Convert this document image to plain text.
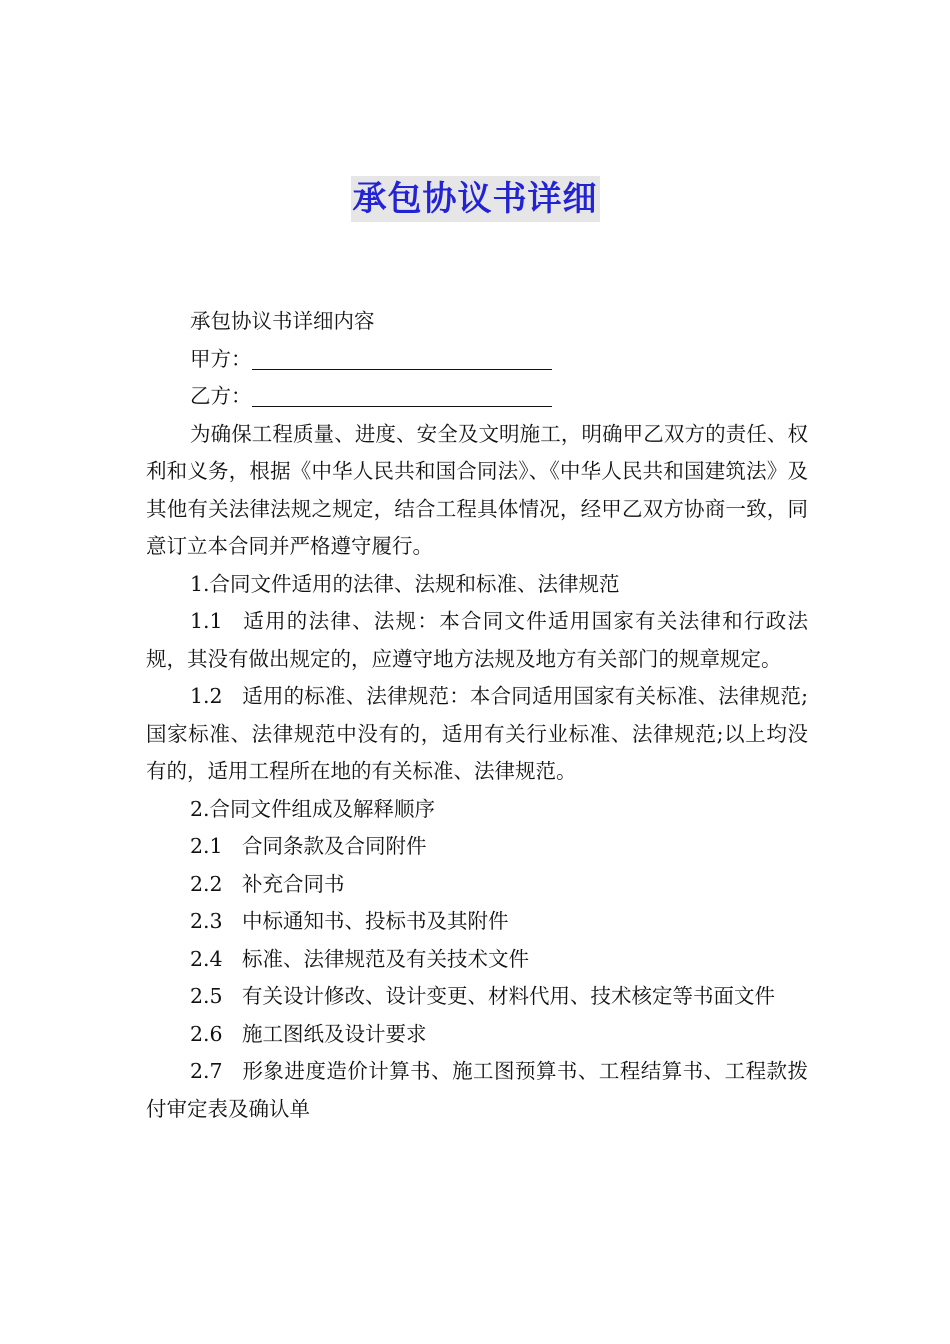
承包协议书详细

承包协议书详细内容

甲方：

乙方：

为确保工程质量、进度、安全及文明施工，明确甲乙双方的责任、权利和义务，根据《中华人民共和国合同法》、《中华人民共和国建筑法》及其他有关法律法规之规定，结合工程具体情况，经甲乙双方协商一致，同意订立本合同并严格遵守履行。

1.合同文件适用的法律、法规和标准、法律规范

1.1 适用的法律、法规：本合同文件适用国家有关法律和行政法规，其没有做出规定的，应遵守地方法规及地方有关部门的规章规定。

1.2 适用的标准、法律规范：本合同适用国家有关标准、法律规范;国家标准、法律规范中没有的，适用有关行业标准、法律规范;以上均没有的，适用工程所在地的有关标准、法律规范。

2.合同文件组成及解释顺序

2.1 合同条款及合同附件

2.2 补充合同书

2.3 中标通知书、投标书及其附件

2.4 标准、法律规范及有关技术文件

2.5 有关设计修改、设计变更、材料代用、技术核定等书面文件

2.6 施工图纸及设计要求

2.7 形象进度造价计算书、施工图预算书、工程结算书、工程款拨付审定表及确认单
